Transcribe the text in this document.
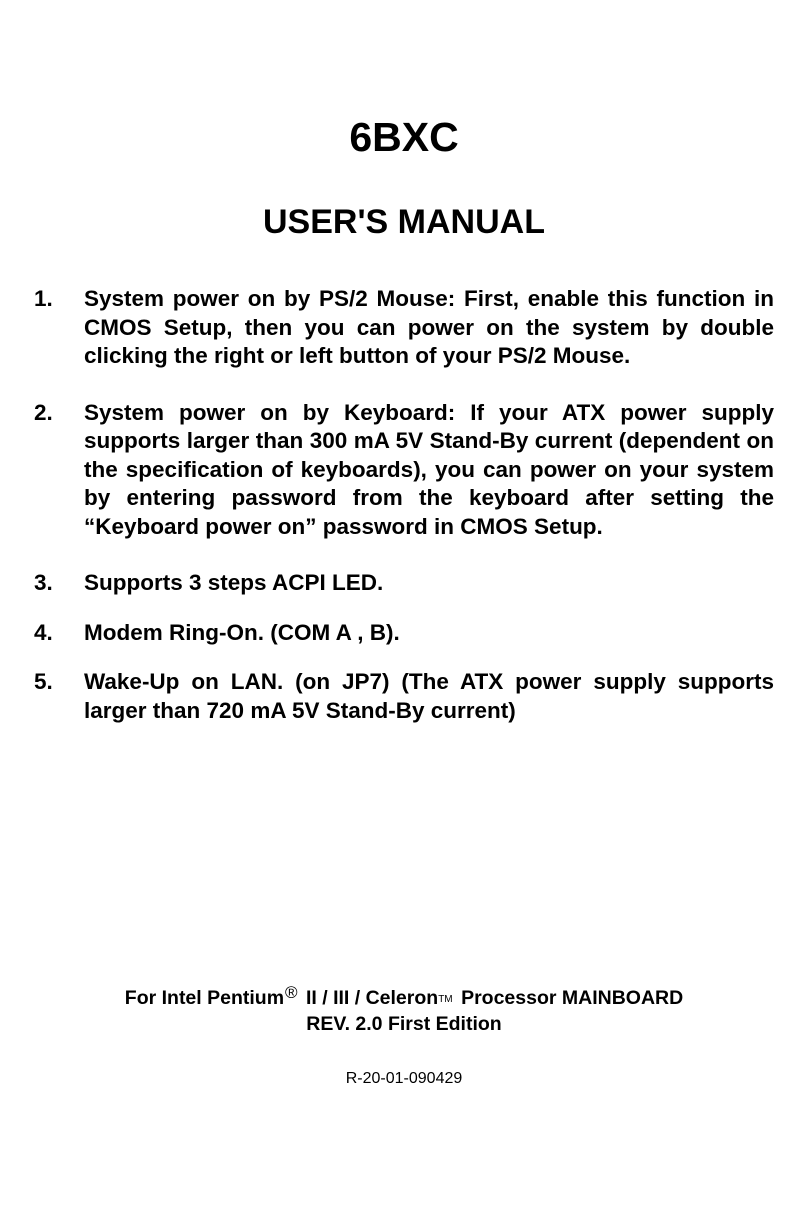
6BXC
USER'S MANUAL
1. System power on by PS/2 Mouse: First, enable this function in CMOS Setup, then you can power on the system by double clicking the right or left button of your PS/2 Mouse.
2. System power on by Keyboard: If your ATX power supply supports larger than 300 mA 5V Stand-By current (dependent on the specification of keyboards), you can power on your system by entering password from the keyboard after setting the “Keyboard power on” password in CMOS Setup.
3. Supports 3 steps ACPI LED.
4. Modem Ring-On. (COM A , B).
5. Wake-Up on LAN. (on JP7) (The ATX power supply supports larger than 720 mA 5V Stand-By current)
For Intel Pentium® II / III / CeleronTM Processor MAINBOARD
REV. 2.0 First Edition
R-20-01-090429
